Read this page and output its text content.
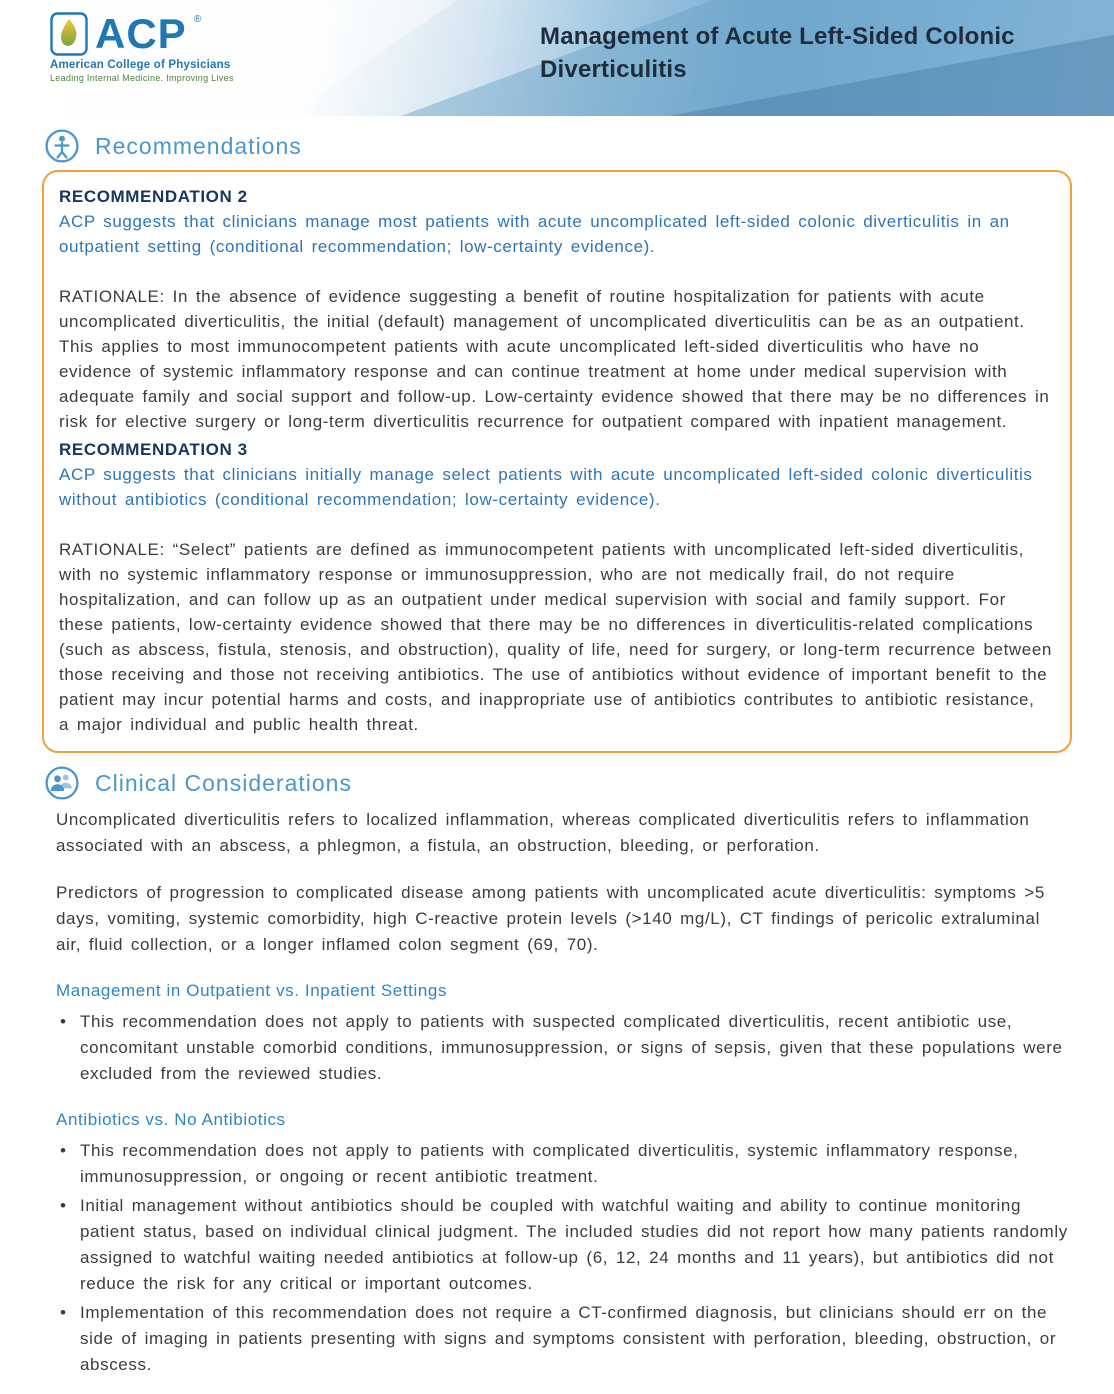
ACP ®
American College of Physicians
Leading Internal Medicine. Improving Lives
Management of Acute Left-Sided Colonic Diverticulitis
Recommendations
RECOMMENDATION 2

ACP suggests that clinicians manage most patients with acute uncomplicated left-sided colonic diverticulitis in an outpatient setting (conditional recommendation; low-certainty evidence).

RATIONALE: In the absence of evidence suggesting a benefit of routine hospitalization for patients with acute uncomplicated diverticulitis, the initial (default) management of uncomplicated diverticulitis can be as an outpatient. This applies to most immunocompetent patients with acute uncomplicated left-sided diverticulitis who have no evidence of systemic inflammatory response and can continue treatment at home under medical supervision with adequate family and social support and follow-up. Low-certainty evidence showed that there may be no differences in risk for elective surgery or long-term diverticulitis recurrence for outpatient compared with inpatient management.

RECOMMENDATION 3

ACP suggests that clinicians initially manage select patients with acute uncomplicated left-sided colonic diverticulitis without antibiotics (conditional recommendation; low-certainty evidence).

RATIONALE: “Select” patients are defined as immunocompetent patients with uncomplicated left-sided diverticulitis, with no systemic inflammatory response or immunosuppression, who are not medically frail, do not require hospitalization, and can follow up as an outpatient under medical supervision with social and family support. For these patients, low-certainty evidence showed that there may be no differences in diverticulitis-related complications (such as abscess, fistula, stenosis, and obstruction), quality of life, need for surgery, or long-term recurrence between those receiving and those not receiving antibiotics. The use of antibiotics without evidence of important benefit to the patient may incur potential harms and costs, and inappropriate use of antibiotics contributes to antibiotic resistance, a major individual and public health threat.

Clinical Considerations

Uncomplicated diverticulitis refers to localized inflammation, whereas complicated diverticulitis refers to inflammation associated with an abscess, a phlegmon, a fistula, an obstruction, bleeding, or perforation.

Predictors of progression to complicated disease among patients with uncomplicated acute diverticulitis: symptoms >5 days, vomiting, systemic comorbidity, high C-reactive protein levels (>140 mg/L), CT findings of pericolic extraluminal air, fluid collection, or a longer inflamed colon segment (69, 70).

Management in Outpatient vs. Inpatient Settings
• This recommendation does not apply to patients with suspected complicated diverticulitis, recent antibiotic use, concomitant unstable comorbid conditions, immunosuppression, or signs of sepsis, given that these populations were excluded from the reviewed studies.
Antibiotics vs. No Antibiotics
• This recommendation does not apply to patients with complicated diverticulitis, systemic inflammatory response, immunosuppression, or ongoing or recent antibiotic treatment.
• Initial management without antibiotics should be coupled with watchful waiting and ability to continue monitoring patient status, based on individual clinical judgment. The included studies did not report how many patients randomly assigned to watchful waiting needed antibiotics at follow-up (6, 12, 24 months and 11 years), but antibiotics did not reduce the risk for any critical or important outcomes.
• Implementation of this recommendation does not require a CT-confirmed diagnosis, but clinicians should err on the side of imaging in patients presenting with signs and symptoms consistent with perforation, bleeding, obstruction, or abscess.
